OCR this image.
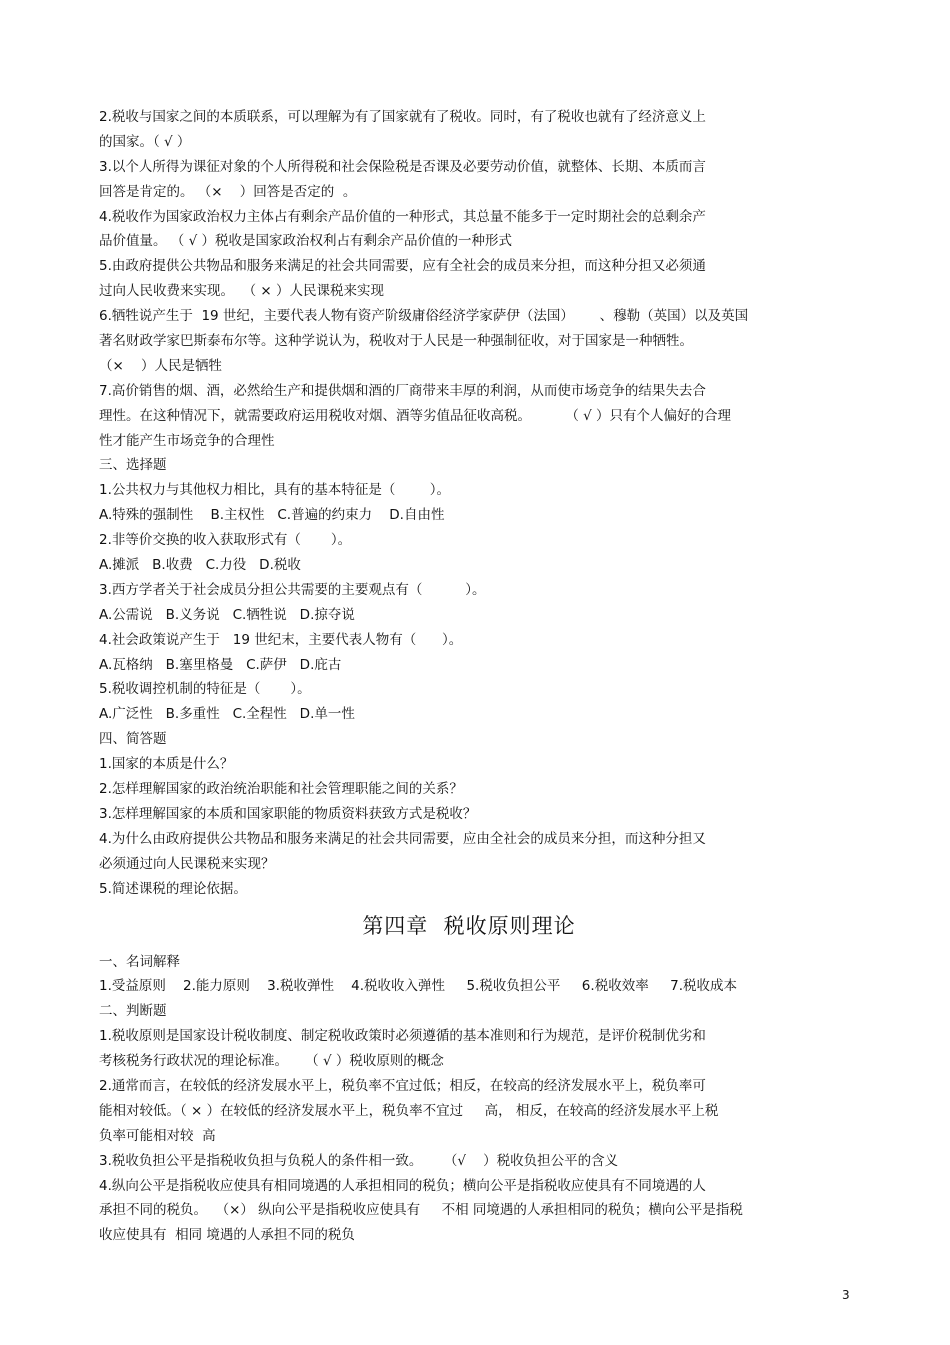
2.税收与国家之间的本质联系，可以理解为有了国家就有了税收。同时，有了税收也就有了经济意义上
的国家。（ √ ）
3.以个人所得为课征对象的个人所得税和社会保险税是否课及必要劳动价值，就整体、长期、本质而言
回答是肯定的。 （×    ）回答是否定的  。
4.税收作为国家政治权力主体占有剩余产品价值的一种形式，其总量不能多于一定时期社会的总剩余产
品价值量。 （ √ ）税收是国家政治权利占有剩余产品价值的一种形式
5.由政府提供公共物品和服务来满足的社会共同需要，应有全社会的成员来分担，而这种分担又必须通
过向人民收费来实现。  （ × ）人民课税来实现
6.牺牲说产生于  19 世纪，主要代表人物有资产阶级庸俗经济学家萨伊（法国）      、穆勒（英国）以及英国
著名财政学家巴斯泰布尔等。这种学说认为，税收对于人民是一种强制征收，对于国家是一种牺牲。
（×    ）人民是牺牲
7.高价销售的烟、酒，必然给生产和提供烟和酒的厂商带来丰厚的利润，从而使市场竞争的结果失去合
理性。在这种情况下，就需要政府运用税收对烟、酒等劣值品征收高税。        （ √ ）只有个人偏好的合理
性才能产生市场竞争的合理性
三、选择题
1.公共权力与其他权力相比，具有的基本特征是（        ）。
A.特殊的强制性    B.主权性   C.普遍的约束力    D.自由性
2.非等价交换的收入获取形式有（       ）。
A.摊派   B.收费   C.力役   D.税收
3.西方学者关于社会成员分担公共需要的主要观点有（          ）。
A.公需说   B.义务说   C.牺牲说   D.掠夺说
4.社会政策说产生于   19 世纪末，主要代表人物有（      ）。
A.瓦格纳   B.塞里格曼   C.萨伊   D.庇古
5.税收调控机制的特征是（       ）。
A.广泛性   B.多重性   C.全程性   D.单一性
四、简答题
1.国家的本质是什么？
2.怎样理解国家的政治统治职能和社会管理职能之间的关系？
3.怎样理解国家的本质和国家职能的物质资料获致方式是税收？
4.为什么由政府提供公共物品和服务来满足的社会共同需要，应由全社会的成员来分担，而这种分担又
必须通过向人民课税来实现？
5.简述课税的理论依据。
第四章  税收原则理论
一、名词解释
1.受益原则    2.能力原则    3.税收弹性    4.税收收入弹性     5.税收负担公平     6.税收效率     7.税收成本
二、判断题
1.税收原则是国家设计税收制度、制定税收政策时必须遵循的基本准则和行为规范，是评价税制优劣和
考核税务行政状况的理论标准。    （ √ ）税收原则的概念
2.通常而言，在较低的经济发展水平上，税负率不宜过低；相反，在较高的经济发展水平上，税负率可
能相对较低。（ × ）在较低的经济发展水平上，税负率不宜过     高， 相反，在较高的经济发展水平上税
负率可能相对较  高
3.税收负担公平是指税收负担与负税人的条件相一致。     （√    ）税收负担公平的含义
4.纵向公平是指税收应使具有相同境遇的人承担相同的税负；横向公平是指税收应使具有不同境遇的人
承担不同的税负。  （×） 纵向公平是指税收应使具有     不相 同境遇的人承担相同的税负；横向公平是指税
收应使具有  相同 境遇的人承担不同的税负
3
